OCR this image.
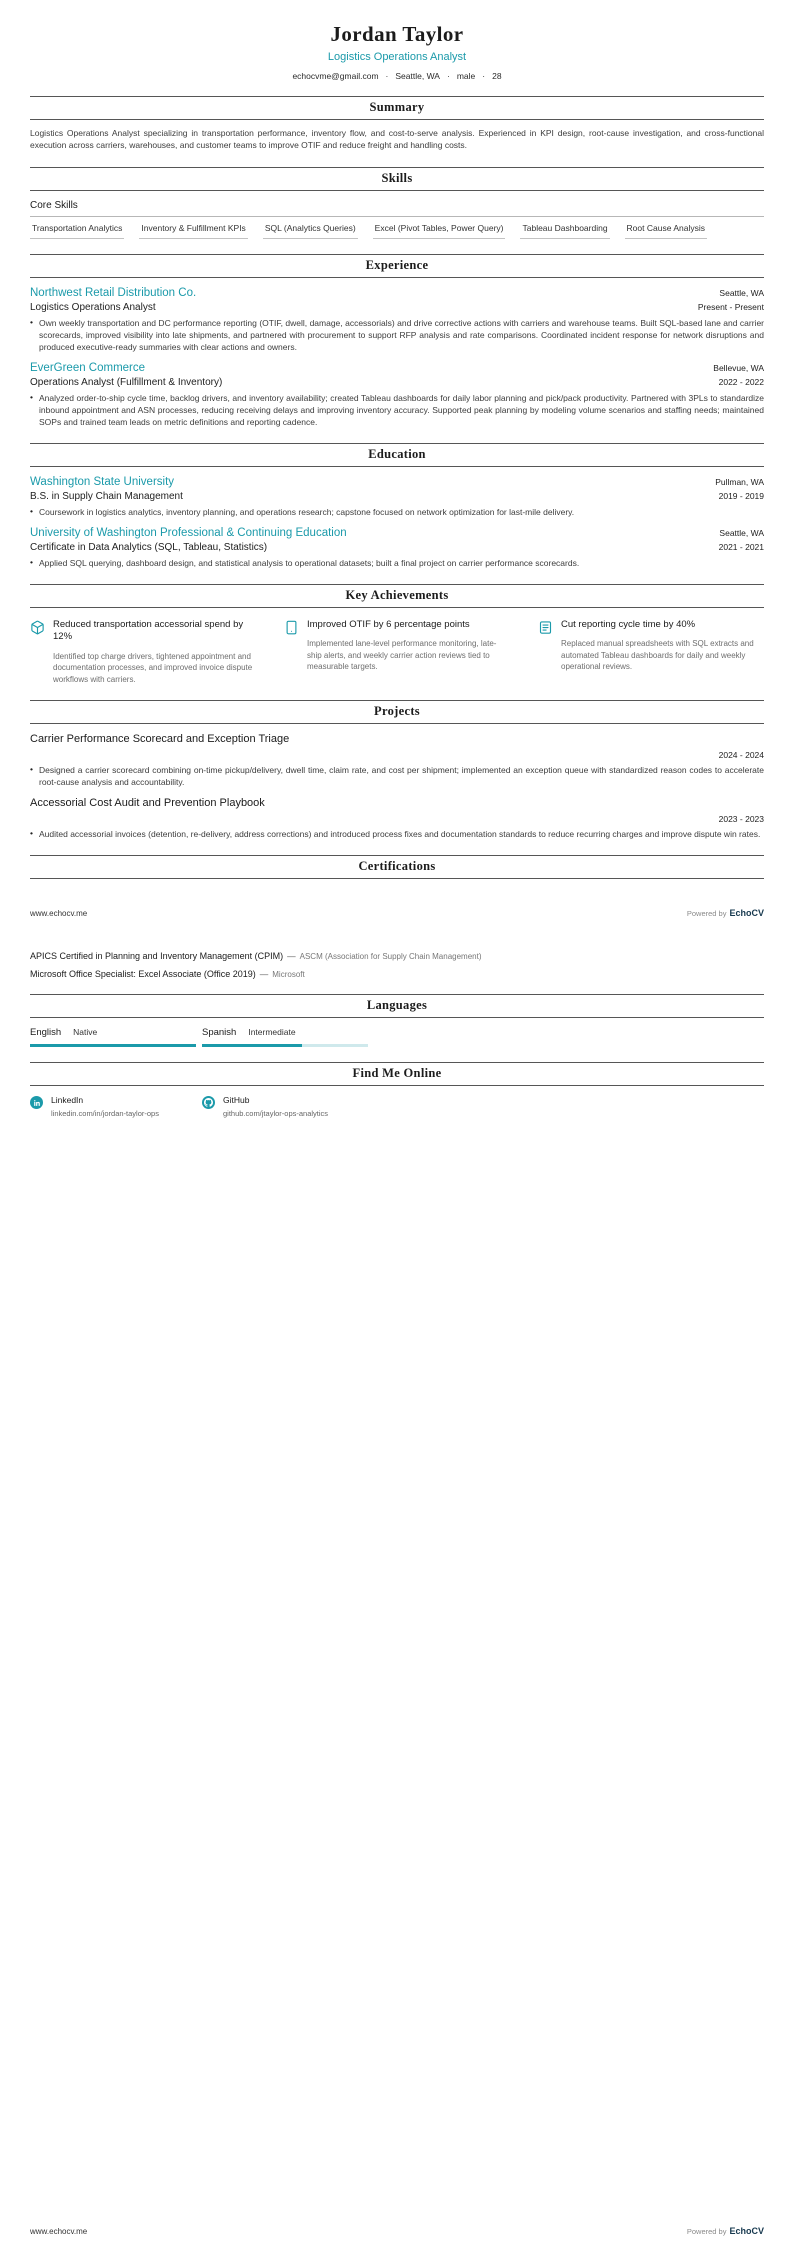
Jordan Taylor
Logistics Operations Analyst
echocvme@gmail.com · Seattle, WA · male · 28
Summary

Logistics Operations Analyst specializing in transportation performance, inventory flow, and cost-to-serve analysis. Experienced in KPI design, root-cause investigation, and cross-functional execution across carriers, warehouses, and customer teams to improve OTIF and reduce freight and handling costs.

Skills
Core Skills
Transportation Analytics Inventory & Fulfillment KPIs SQL (Analytics Queries) Excel (Pivot Tables, Power Query) Tableau Dashboarding Root Cause Analysis
Experience
Northwest Retail Distribution Co.	Seattle, WA
Logistics Operations Analyst	Present - Present
• Own weekly transportation and DC performance reporting (OTIF, dwell, damage, accessorials) and drive corrective actions with carriers and warehouse teams. Built SQL-based lane and carrier scorecards, improved visibility into late shipments, and partnered with procurement to support RFP analysis and rate comparisons. Coordinated incident response for network disruptions and produced executive-ready summaries with clear actions and owners.
EverGreen Commerce	Bellevue, WA
Operations Analyst (Fulfillment & Inventory)	2022 - 2022
• Analyzed order-to-ship cycle time, backlog drivers, and inventory availability; created Tableau dashboards for daily labor planning and pick/pack productivity. Partnered with 3PLs to standardize inbound appointment and ASN processes, reducing receiving delays and improving inventory accuracy. Supported peak planning by modeling volume scenarios and staffing needs; maintained SOPs and trained team leads on metric definitions and reporting cadence.
Education
Washington State University	Pullman, WA
B.S. in Supply Chain Management	2019 - 2019
• Coursework in logistics analytics, inventory planning, and operations research; capstone focused on network optimization for last-mile delivery.
University of Washington Professional & Continuing Education	Seattle, WA
Certificate in Data Analytics (SQL, Tableau, Statistics)	2021 - 2021
• Applied SQL querying, dashboard design, and statistical analysis to operational datasets; built a final project on carrier performance scorecards.
Key Achievements
Reduced transportation accessorial spend by 12%
Identified top charge drivers, tightened appointment and documentation processes, and improved invoice dispute workflows with carriers.
Improved OTIF by 6 percentage points
Implemented lane-level performance monitoring, late-ship alerts, and weekly carrier action reviews tied to measurable targets.
Cut reporting cycle time by 40%
Replaced manual spreadsheets with SQL extracts and automated Tableau dashboards for daily and weekly operational reviews.
Projects
Carrier Performance Scorecard and Exception Triage
2024 - 2024
• Designed a carrier scorecard combining on-time pickup/delivery, dwell time, claim rate, and cost per shipment; implemented an exception queue with standardized reason codes to accelerate root-cause analysis and accountability.
Accessorial Cost Audit and Prevention Playbook
2023 - 2023
• Audited accessorial invoices (detention, re-delivery, address corrections) and introduced process fixes and documentation standards to reduce recurring charges and improve dispute win rates.
Certifications
www.echocv.me	Powered by EchoCV
APICS Certified in Planning and Inventory Management (CPIM) — ASCM (Association for Supply Chain Management)
Microsoft Office Specialist: Excel Associate (Office 2019) — Microsoft
Languages
English Native	Spanish Intermediate
Find Me Online
LinkedIn
linkedin.com/in/jordan-taylor-ops
GitHub
github.com/jtaylor-ops-analytics
www.echocv.me	Powered by EchoCV
